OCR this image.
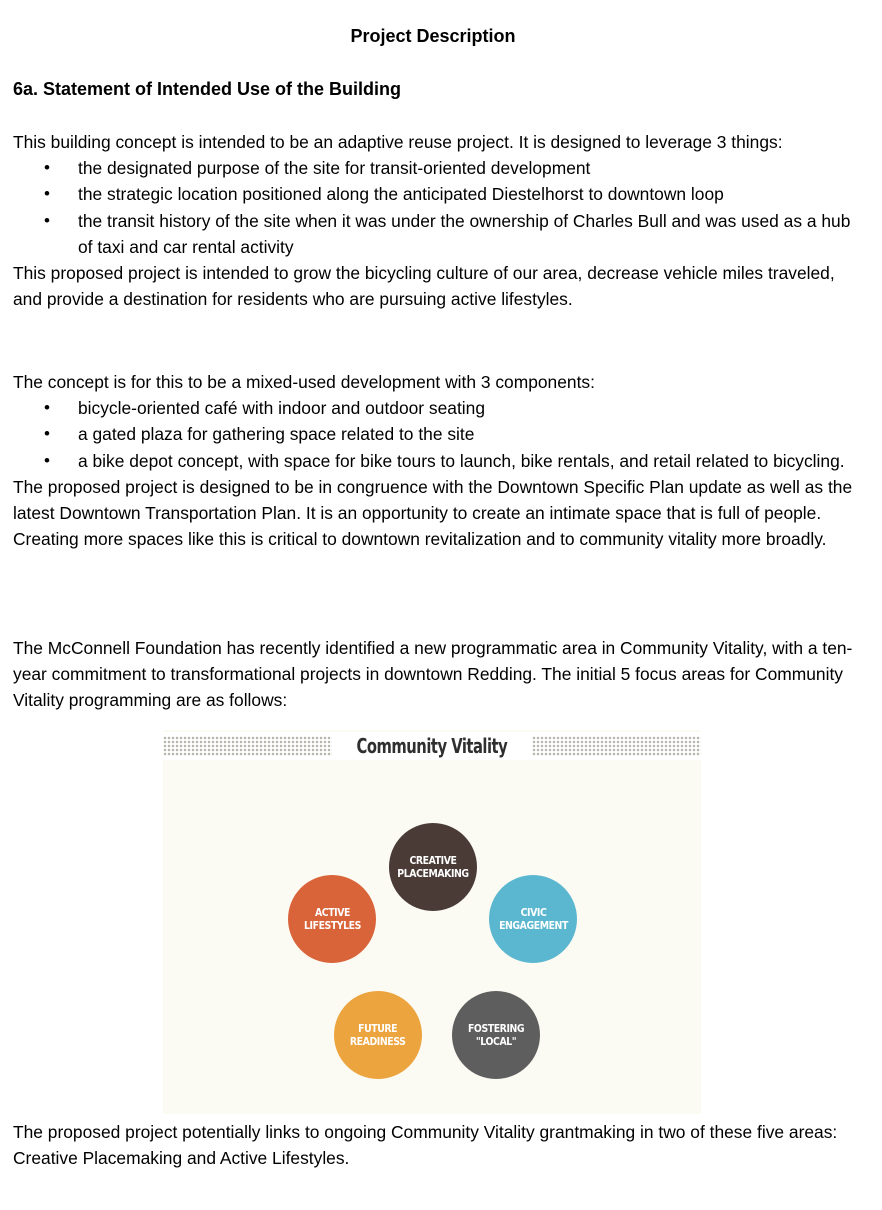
Project Description
6a. Statement of Intended Use of the Building

This building concept is intended to be an adaptive reuse project. It is designed to leverage 3 things:

• the designated purpose of the site for transit-oriented development
• the strategic location positioned along the anticipated Diestelhorst to downtown loop
• the transit history of the site when it was under the ownership of Charles Bull and was used as a hub of taxi and car rental activity

This proposed project is intended to grow the bicycling culture of our area, decrease vehicle miles traveled, and provide a destination for residents who are pursuing active lifestyles.

The concept is for this to be a mixed-used development with 3 components:

• bicycle-oriented café with indoor and outdoor seating
• a gated plaza for gathering space related to the site
• a bike depot concept, with space for bike tours to launch, bike rentals, and retail related to bicycling.

The proposed project is designed to be in congruence with the Downtown Specific Plan update as well as the latest Downtown Transportation Plan. It is an opportunity to create an intimate space that is full of people. Creating more spaces like this is critical to downtown revitalization and to community vitality more broadly.

The McConnell Foundation has recently identified a new programmatic area in Community Vitality, with a ten-year commitment to transformational projects in downtown Redding. The initial 5 focus areas for Community Vitality programming are as follows:

Community Vitality
CREATIVE
PLACEMAKING
CIVIC
ENGAGEMENT
FOSTERING
"LOCAL"
FUTURE
READINESS
ACTIVE
LIFESTYLES

The proposed project potentially links to ongoing Community Vitality grantmaking in two of these five areas: Creative Placemaking and Active Lifestyles.
